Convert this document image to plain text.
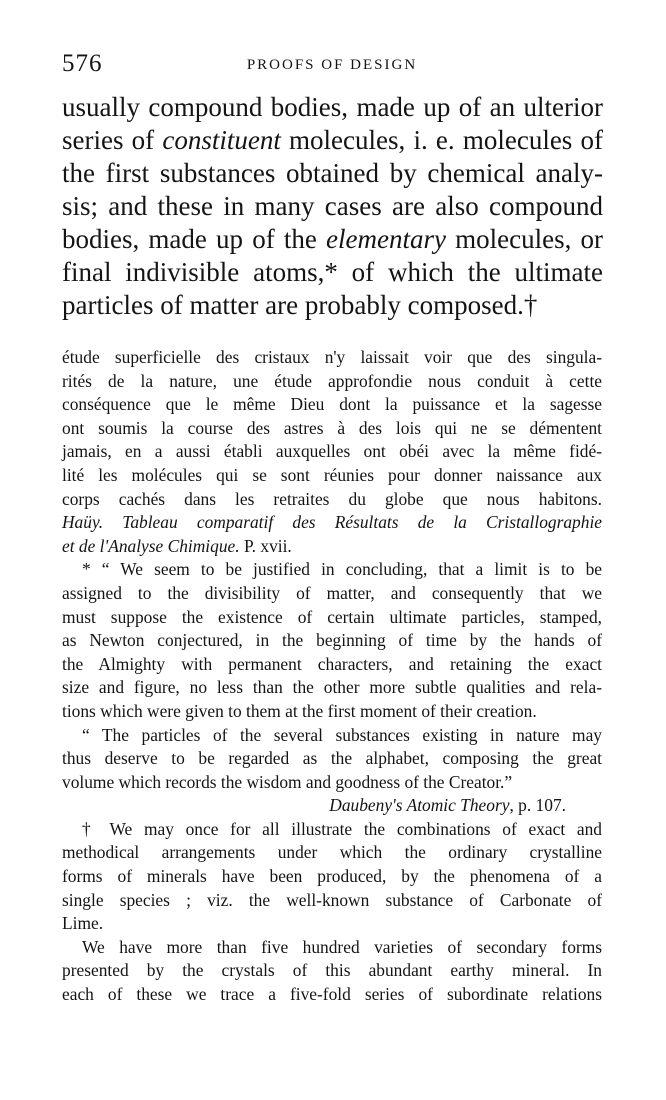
576	PROOFS OF DESIGN
usually compound bodies, made up of an ulterior
series of constituent molecules, i. e. molecules of
the first substances obtained by chemical analy-
sis; and these in many cases are also compound
bodies, made up of the elementary molecules, or
final indivisible atoms,* of which the ultimate
particles of matter are probably composed.†
étude superficielle des cristaux n'y laissait voir que des singula-
rités de la nature, une étude approfondie nous conduit à cette
conséquence que le même Dieu dont la puissance et la sagesse
ont soumis la course des astres à des lois qui ne se démentent
jamais, en a aussi établi auxquelles ont obéi avec la même fidé-
lité les molécules qui se sont réunies pour donner naissance aux
corps cachés dans les retraites du globe que nous habitons.
Haüy. Tableau comparatif des Résultats de la Cristallographie
et de l'Analyse Chimique. P. xvii.
* “ We seem to be justified in concluding, that a limit is to be
assigned to the divisibility of matter, and consequently that we
must suppose the existence of certain ultimate particles, stamped,
as Newton conjectured, in the beginning of time by the hands of
the Almighty with permanent characters, and retaining the exact
size and figure, no less than the other more subtle qualities and rela-
tions which were given to them at the first moment of their creation.
“ The particles of the several substances existing in nature may
thus deserve to be regarded as the alphabet, composing the great
volume which records the wisdom and goodness of the Creator.”
Daubeny's Atomic Theory, p. 107.
† We may once for all illustrate the combinations of exact and
methodical arrangements under which the ordinary crystalline
forms of minerals have been produced, by the phenomena of a
single species ; viz. the well-known substance of Carbonate of
Lime.
We have more than five hundred varieties of secondary forms
presented by the crystals of this abundant earthy mineral. In
each of these we trace a five-fold series of subordinate relations
